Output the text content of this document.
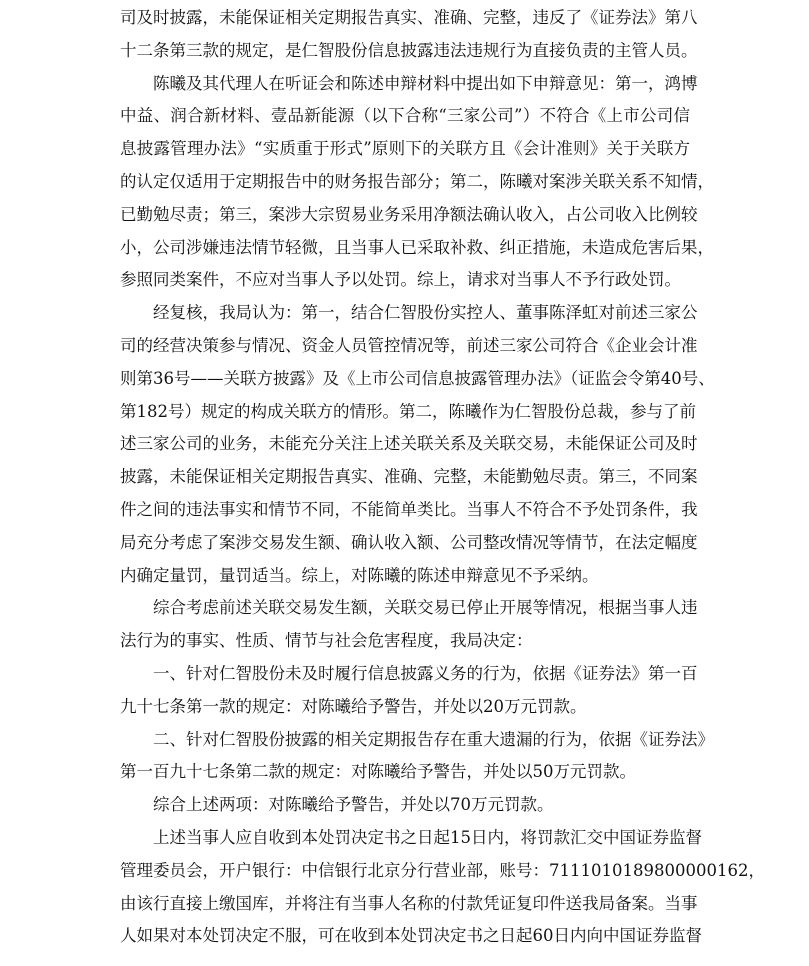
司及时披露，未能保证相关定期报告真实、准确、完整，违反了《证券法》第八
十二条第三款的规定，是仁智股份信息披露违法违规行为直接负责的主管人员。
陈曦及其代理人在听证会和陈述申辩材料中提出如下申辩意见：第一，鸿博
中益、润合新材料、壹品新能源（以下合称“三家公司”）不符合《上市公司信
息披露管理办法》“实质重于形式”原则下的关联方且《会计准则》关于关联方
的认定仅适用于定期报告中的财务报告部分；第二，陈曦对案涉关联关系不知情，
已勤勉尽责；第三，案涉大宗贸易业务采用净额法确认收入，占公司收入比例较
小，公司涉嫌违法情节轻微，且当事人已采取补救、纠正措施，未造成危害后果，
参照同类案件，不应对当事人予以处罚。综上，请求对当事人不予行政处罚。
经复核，我局认为：第一，结合仁智股份实控人、董事陈泽虹对前述三家公
司的经营决策参与情况、资金人员管控情况等，前述三家公司符合《企业会计准
则第36号——关联方披露》及《上市公司信息披露管理办法》（证监会令第40号、
第182号）规定的构成关联方的情形。第二，陈曦作为仁智股份总裁，参与了前
述三家公司的业务，未能充分关注上述关联关系及关联交易，未能保证公司及时
披露，未能保证相关定期报告真实、准确、完整，未能勤勉尽责。第三，不同案
件之间的违法事实和情节不同，不能简单类比。当事人不符合不予处罚条件，我
局充分考虑了案涉交易发生额、确认收入额、公司整改情况等情节，在法定幅度
内确定量罚，量罚适当。综上，对陈曦的陈述申辩意见不予采纳。
综合考虑前述关联交易发生额，关联交易已停止开展等情况，根据当事人违
法行为的事实、性质、情节与社会危害程度，我局决定：
一、针对仁智股份未及时履行信息披露义务的行为，依据《证券法》第一百
九十七条第一款的规定：对陈曦给予警告，并处以20万元罚款。
二、针对仁智股份披露的相关定期报告存在重大遗漏的行为，依据《证券法》
第一百九十七条第二款的规定：对陈曦给予警告，并处以50万元罚款。
综合上述两项：对陈曦给予警告，并处以70万元罚款。
上述当事人应自收到本处罚决定书之日起15日内，将罚款汇交中国证券监督
管理委员会，开户银行：中信银行北京分行营业部，账号：7111010189800000162，
由该行直接上缴国库，并将注有当事人名称的付款凭证复印件送我局备案。当事
人如果对本处罚决定不服，可在收到本处罚决定书之日起60日内向中国证券监督
